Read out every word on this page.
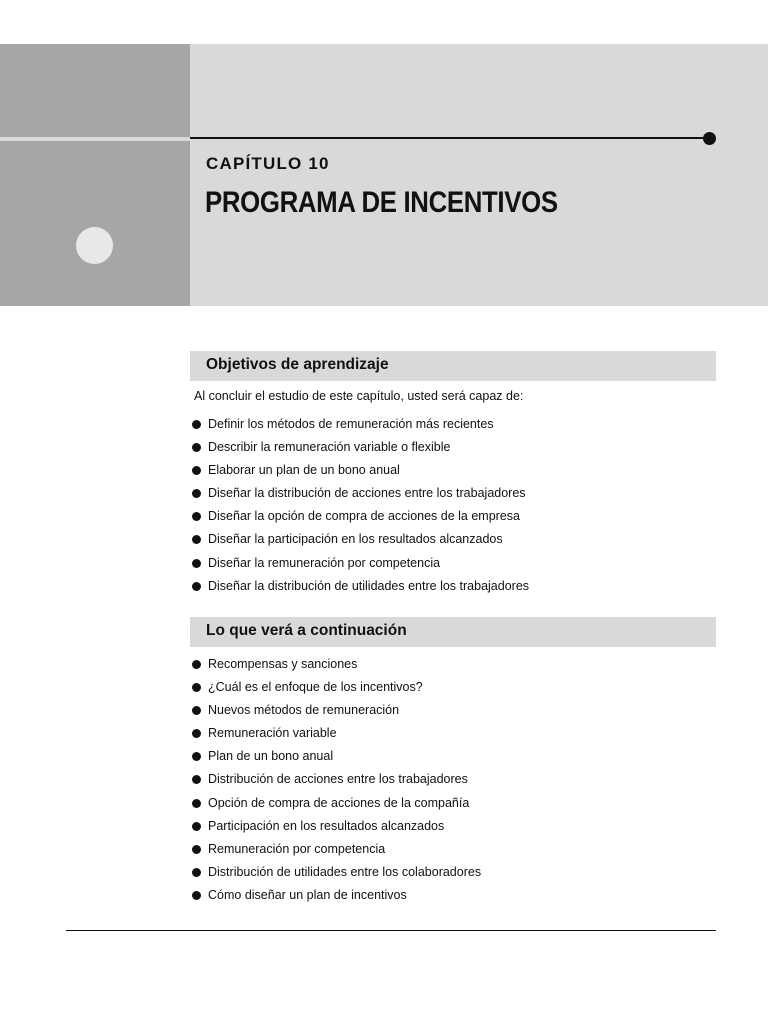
CAPÍTULO 10
PROGRAMA DE INCENTIVOS
Objetivos de aprendizaje
Al concluir el estudio de este capítulo, usted será capaz de:
Definir los métodos de remuneración más recientes
Describir la remuneración variable o flexible
Elaborar un plan de un bono anual
Diseñar la distribución de acciones entre los trabajadores
Diseñar la opción de compra de acciones de la empresa
Diseñar la participación en los resultados alcanzados
Diseñar la remuneración por competencia
Diseñar la distribución de utilidades entre los trabajadores
Lo que verá a continuación
Recompensas y sanciones
¿Cuál es el enfoque de los incentivos?
Nuevos métodos de remuneración
Remuneración variable
Plan de un bono anual
Distribución de acciones entre los trabajadores
Opción de compra de acciones de la compañía
Participación en los resultados alcanzados
Remuneración por competencia
Distribución de utilidades entre los colaboradores
Cómo diseñar un plan de incentivos
